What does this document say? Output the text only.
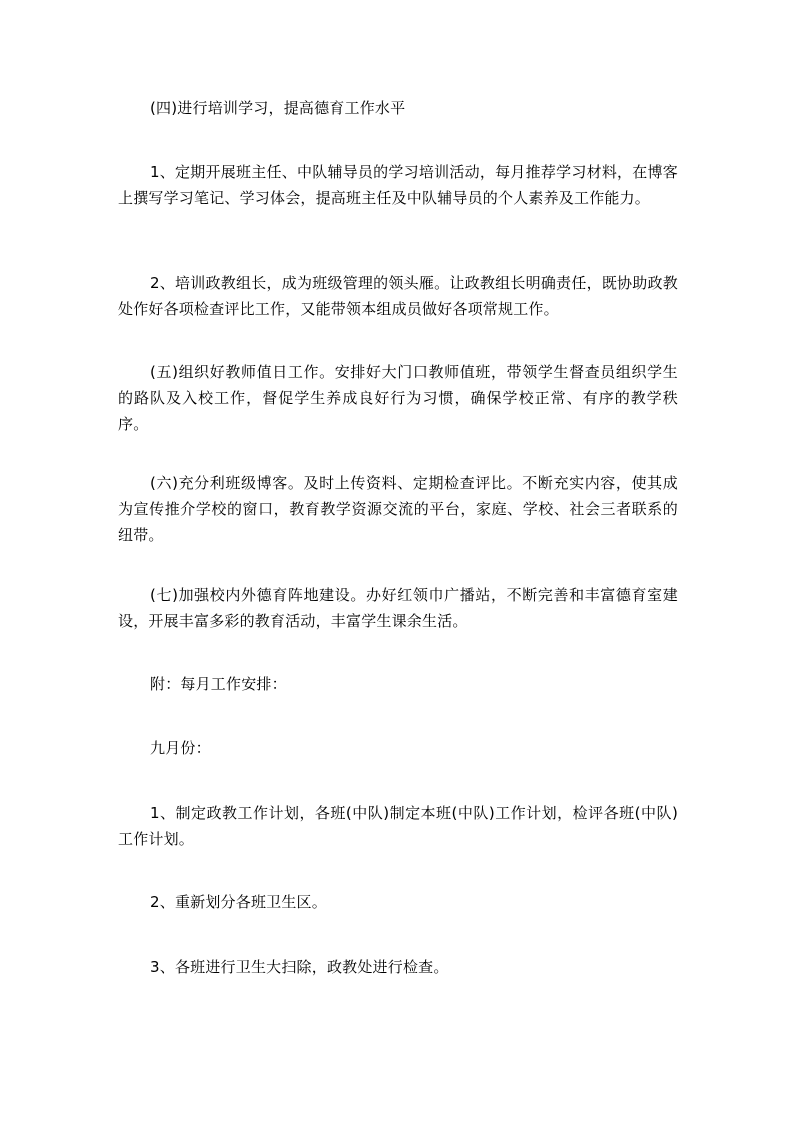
(四)进行培训学习，提高德育工作水平

1、定期开展班主任、中队辅导员的学习培训活动，每月推荐学习材料，在博客上撰写学习笔记、学习体会，提高班主任及中队辅导员的个人素养及工作能力。

2、培训政教组长，成为班级管理的领头雁。让政教组长明确责任，既协助政教处作好各项检查评比工作，又能带领本组成员做好各项常规工作。

(五)组织好教师值日工作。安排好大门口教师值班，带领学生督查员组织学生的路队及入校工作，督促学生养成良好行为习惯，确保学校正常、有序的教学秩序。

(六)充分利班级博客。及时上传资料、定期检查评比。不断充实内容，使其成为宣传推介学校的窗口，教育教学资源交流的平台，家庭、学校、社会三者联系的纽带。

(七)加强校内外德育阵地建设。办好红领巾广播站，不断完善和丰富德育室建设，开展丰富多彩的教育活动，丰富学生课余生活。

附：每月工作安排：

九月份：

1、制定政教工作计划，各班(中队)制定本班(中队)工作计划，检评各班(中队)工作计划。

2、重新划分各班卫生区。

3、各班进行卫生大扫除，政教处进行检查。
